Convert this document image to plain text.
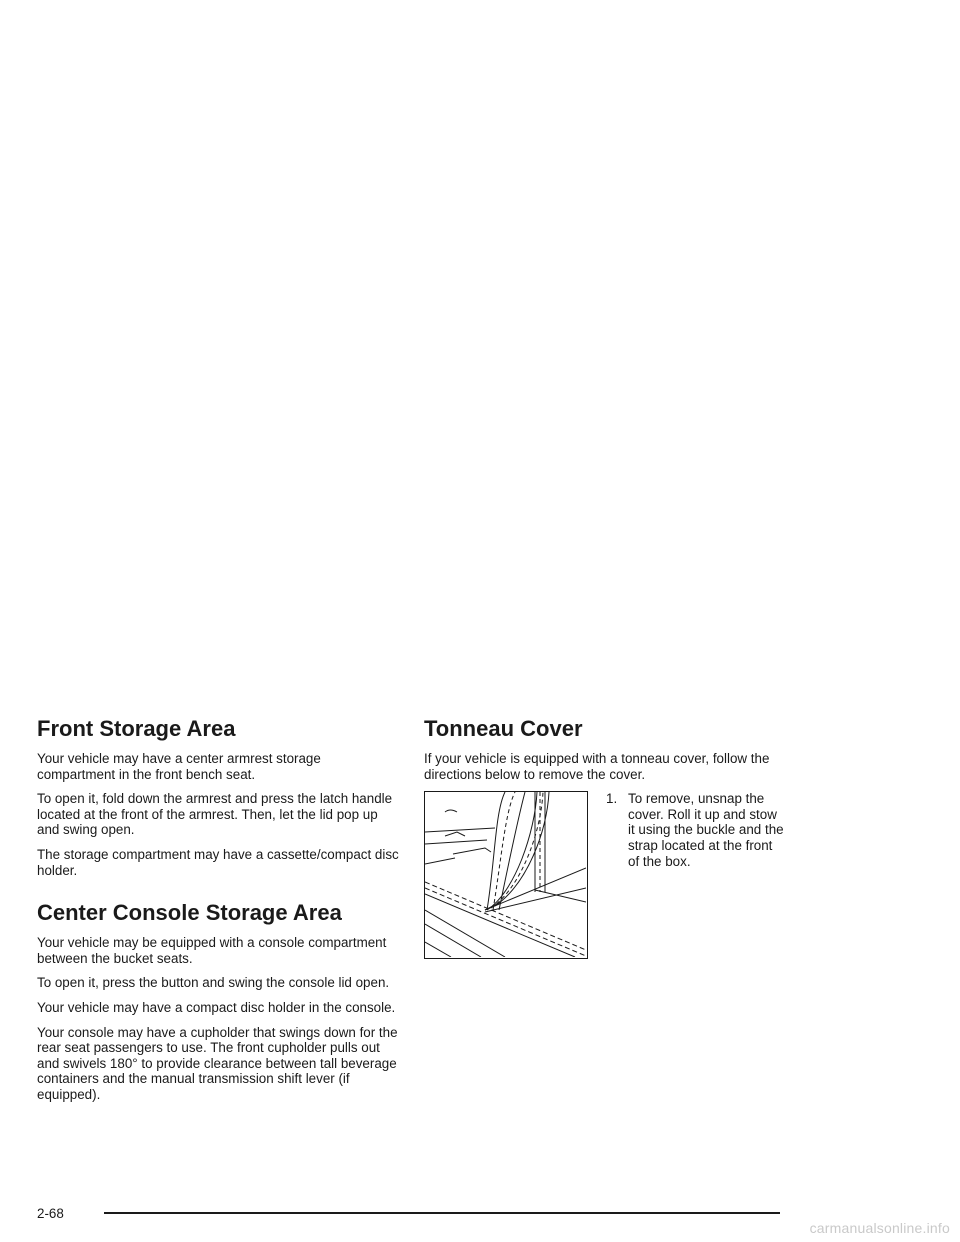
Front Storage Area

Your vehicle may have a center armrest storage compartment in the front bench seat.

To open it, fold down the armrest and press the latch handle located at the front of the armrest. Then, let the lid pop up and swing open.

The storage compartment may have a cassette/compact disc holder.

Center Console Storage Area

Your vehicle may be equipped with a console compartment between the bucket seats.

To open it, press the button and swing the console lid open.

Your vehicle may have a compact disc holder in the console.

Your console may have a cupholder that swings down for the rear seat passengers to use. The front cupholder pulls out and swivels 180° to provide clearance between tall beverage containers and the manual transmission shift lever (if equipped).

Tonneau Cover

If your vehicle is equipped with a tonneau cover, follow the directions below to remove the cover.

1. To remove, unsnap the cover. Roll it up and stow it using the buckle and the strap located at the front of the box.
2-68
carmanualsonline.info
